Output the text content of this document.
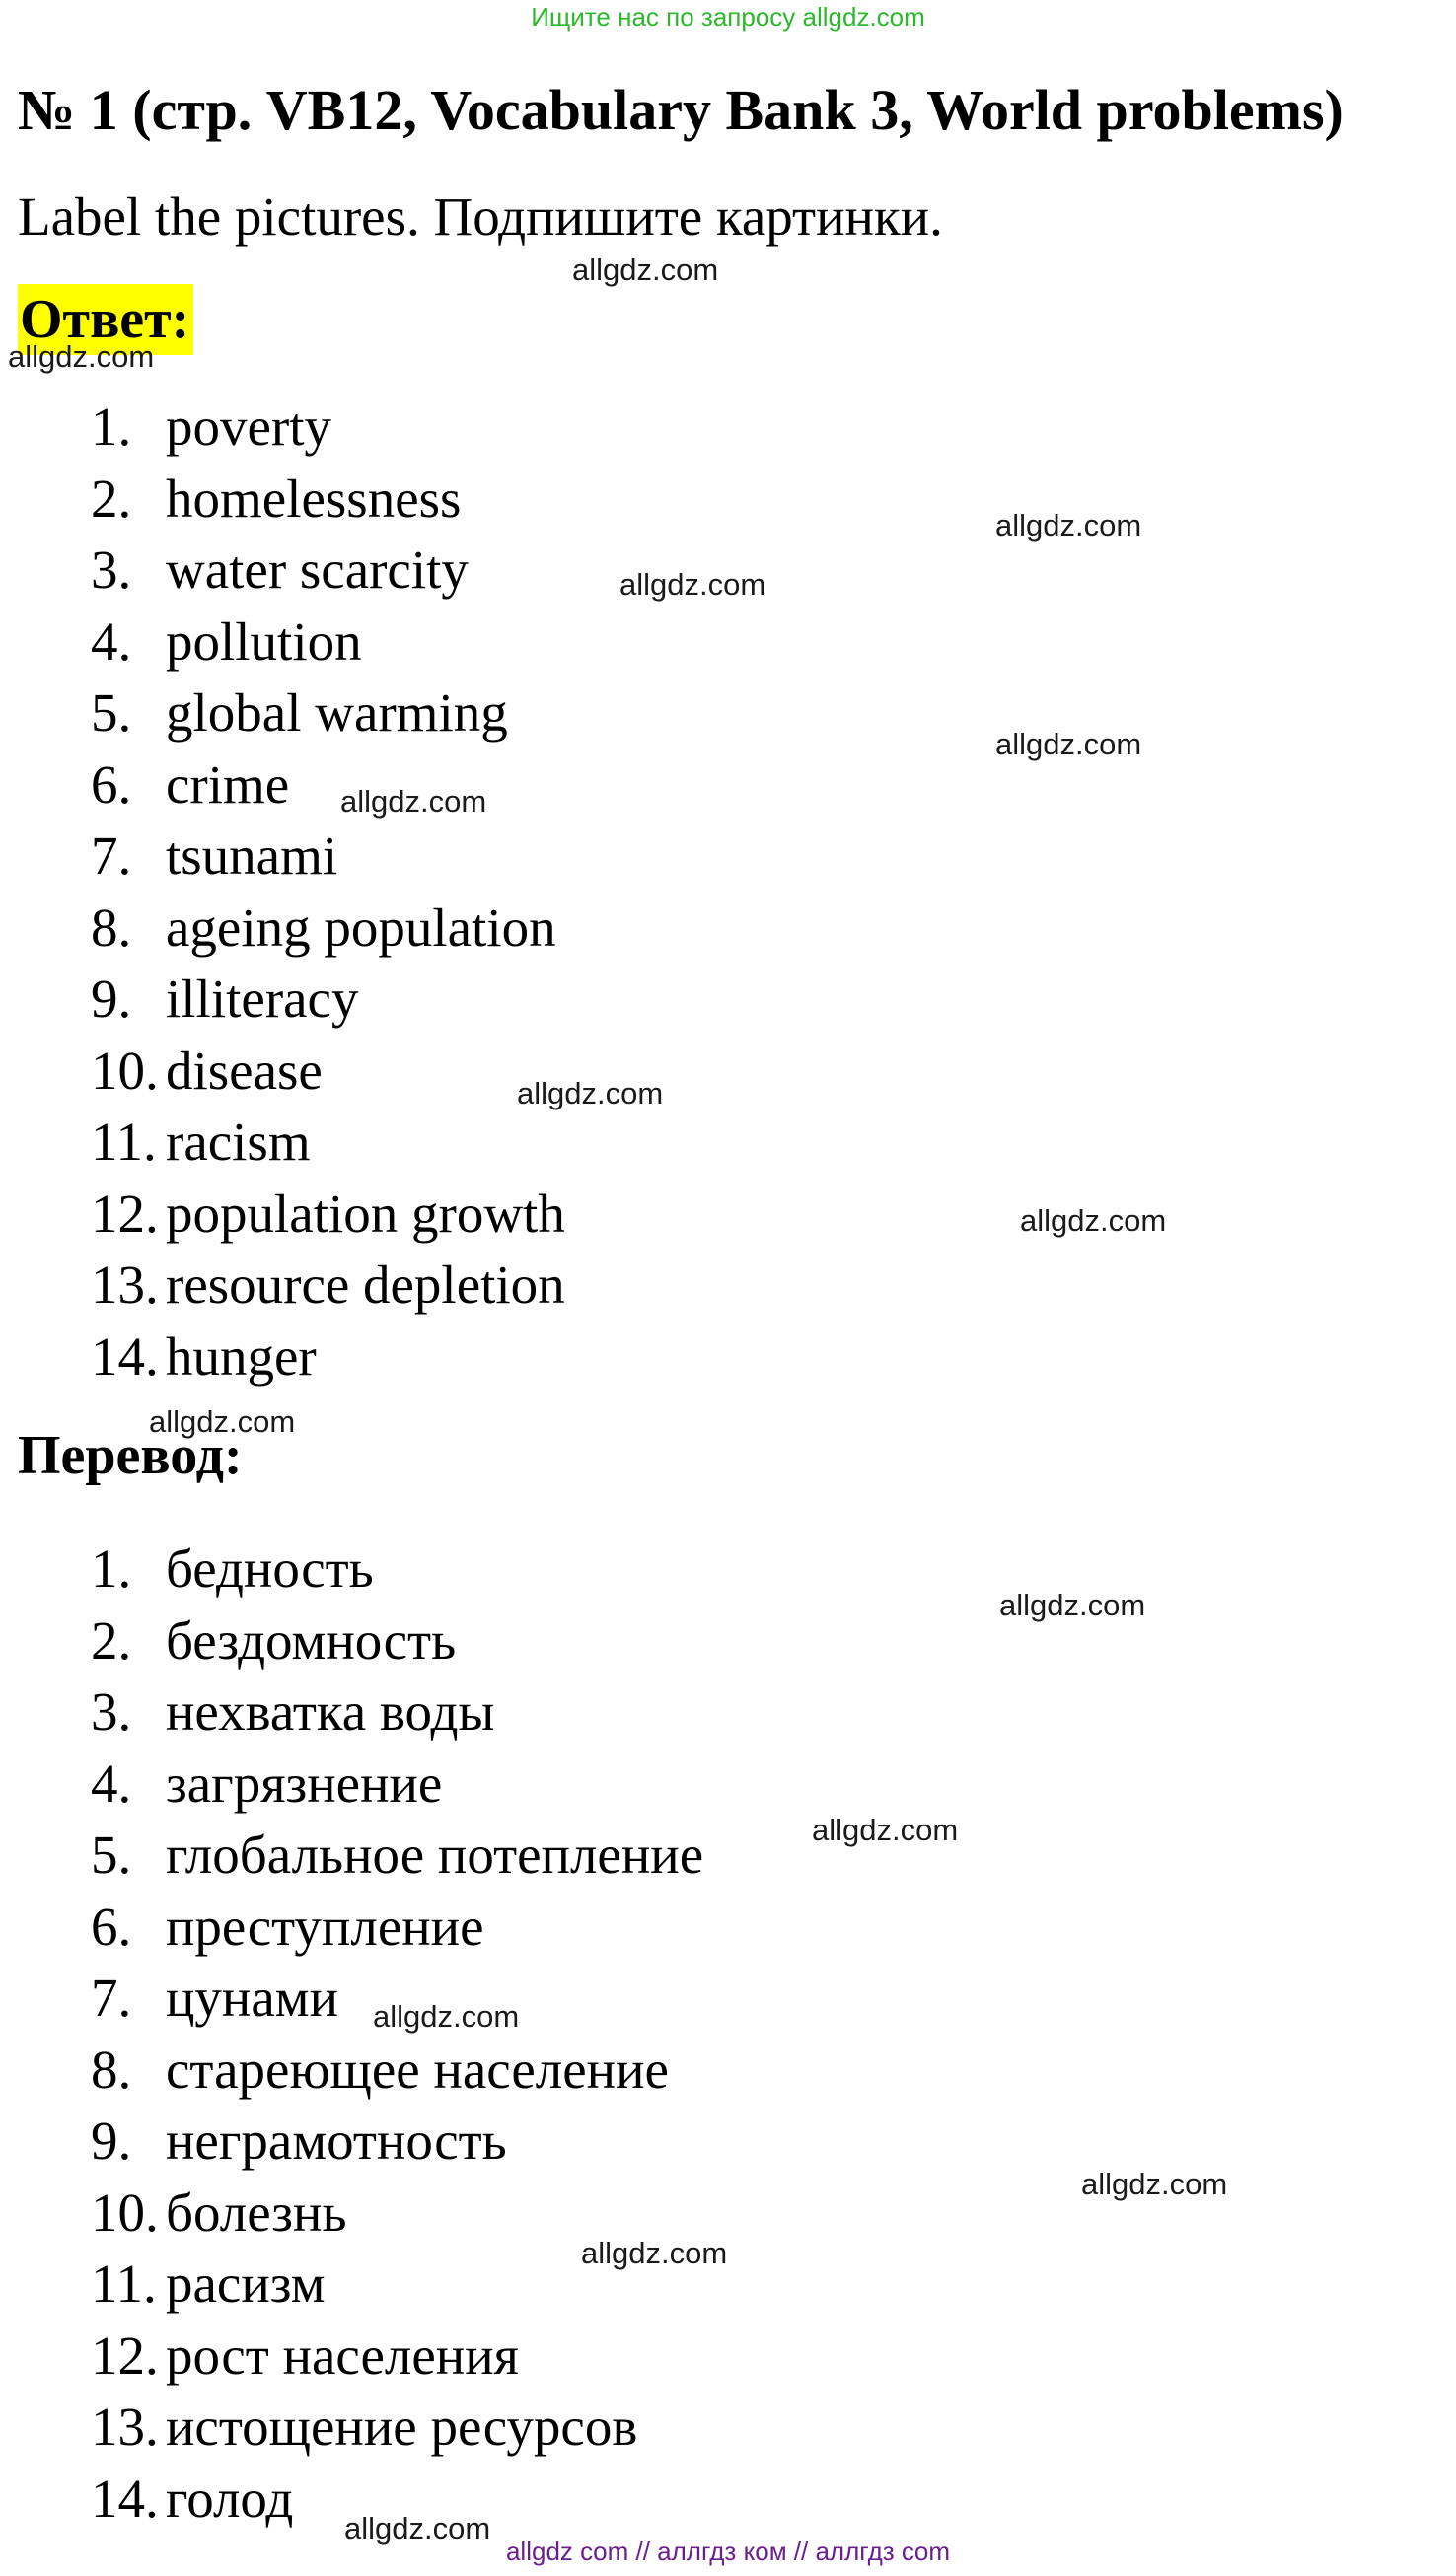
Ищите нас по запросу allgdz.com
№ 1 (стр. VB12, Vocabulary Bank 3, World problems)
Label the pictures. Подпишите картинки.
Ответ:
1. poverty
2. homelessness
3. water scarcity
4. pollution
5. global warming
6. crime
7. tsunami
8. ageing population
9. illiteracy
10. disease
11. racism
12. population growth
13. resource depletion
14. hunger
Перевод:
1. бедность
2. бездомность
3. нехватка воды
4. загрязнение
5. глобальное потепление
6. преступление
7. цунами
8. стареющее население
9. неграмотность
10. болезнь
11. расизм
12. рост населения
13. истощение ресурсов
14. голод
allgdz.com
allgdz.com
allgdz.com
allgdz.com
allgdz.com
allgdz.com
allgdz.com
allgdz.com
allgdz.com
allgdz.com
allgdz.com
allgdz.com
allgdz.com
allgdz.com
allgdz.com
allgdz com // аллгдз ком // аллгдз com
